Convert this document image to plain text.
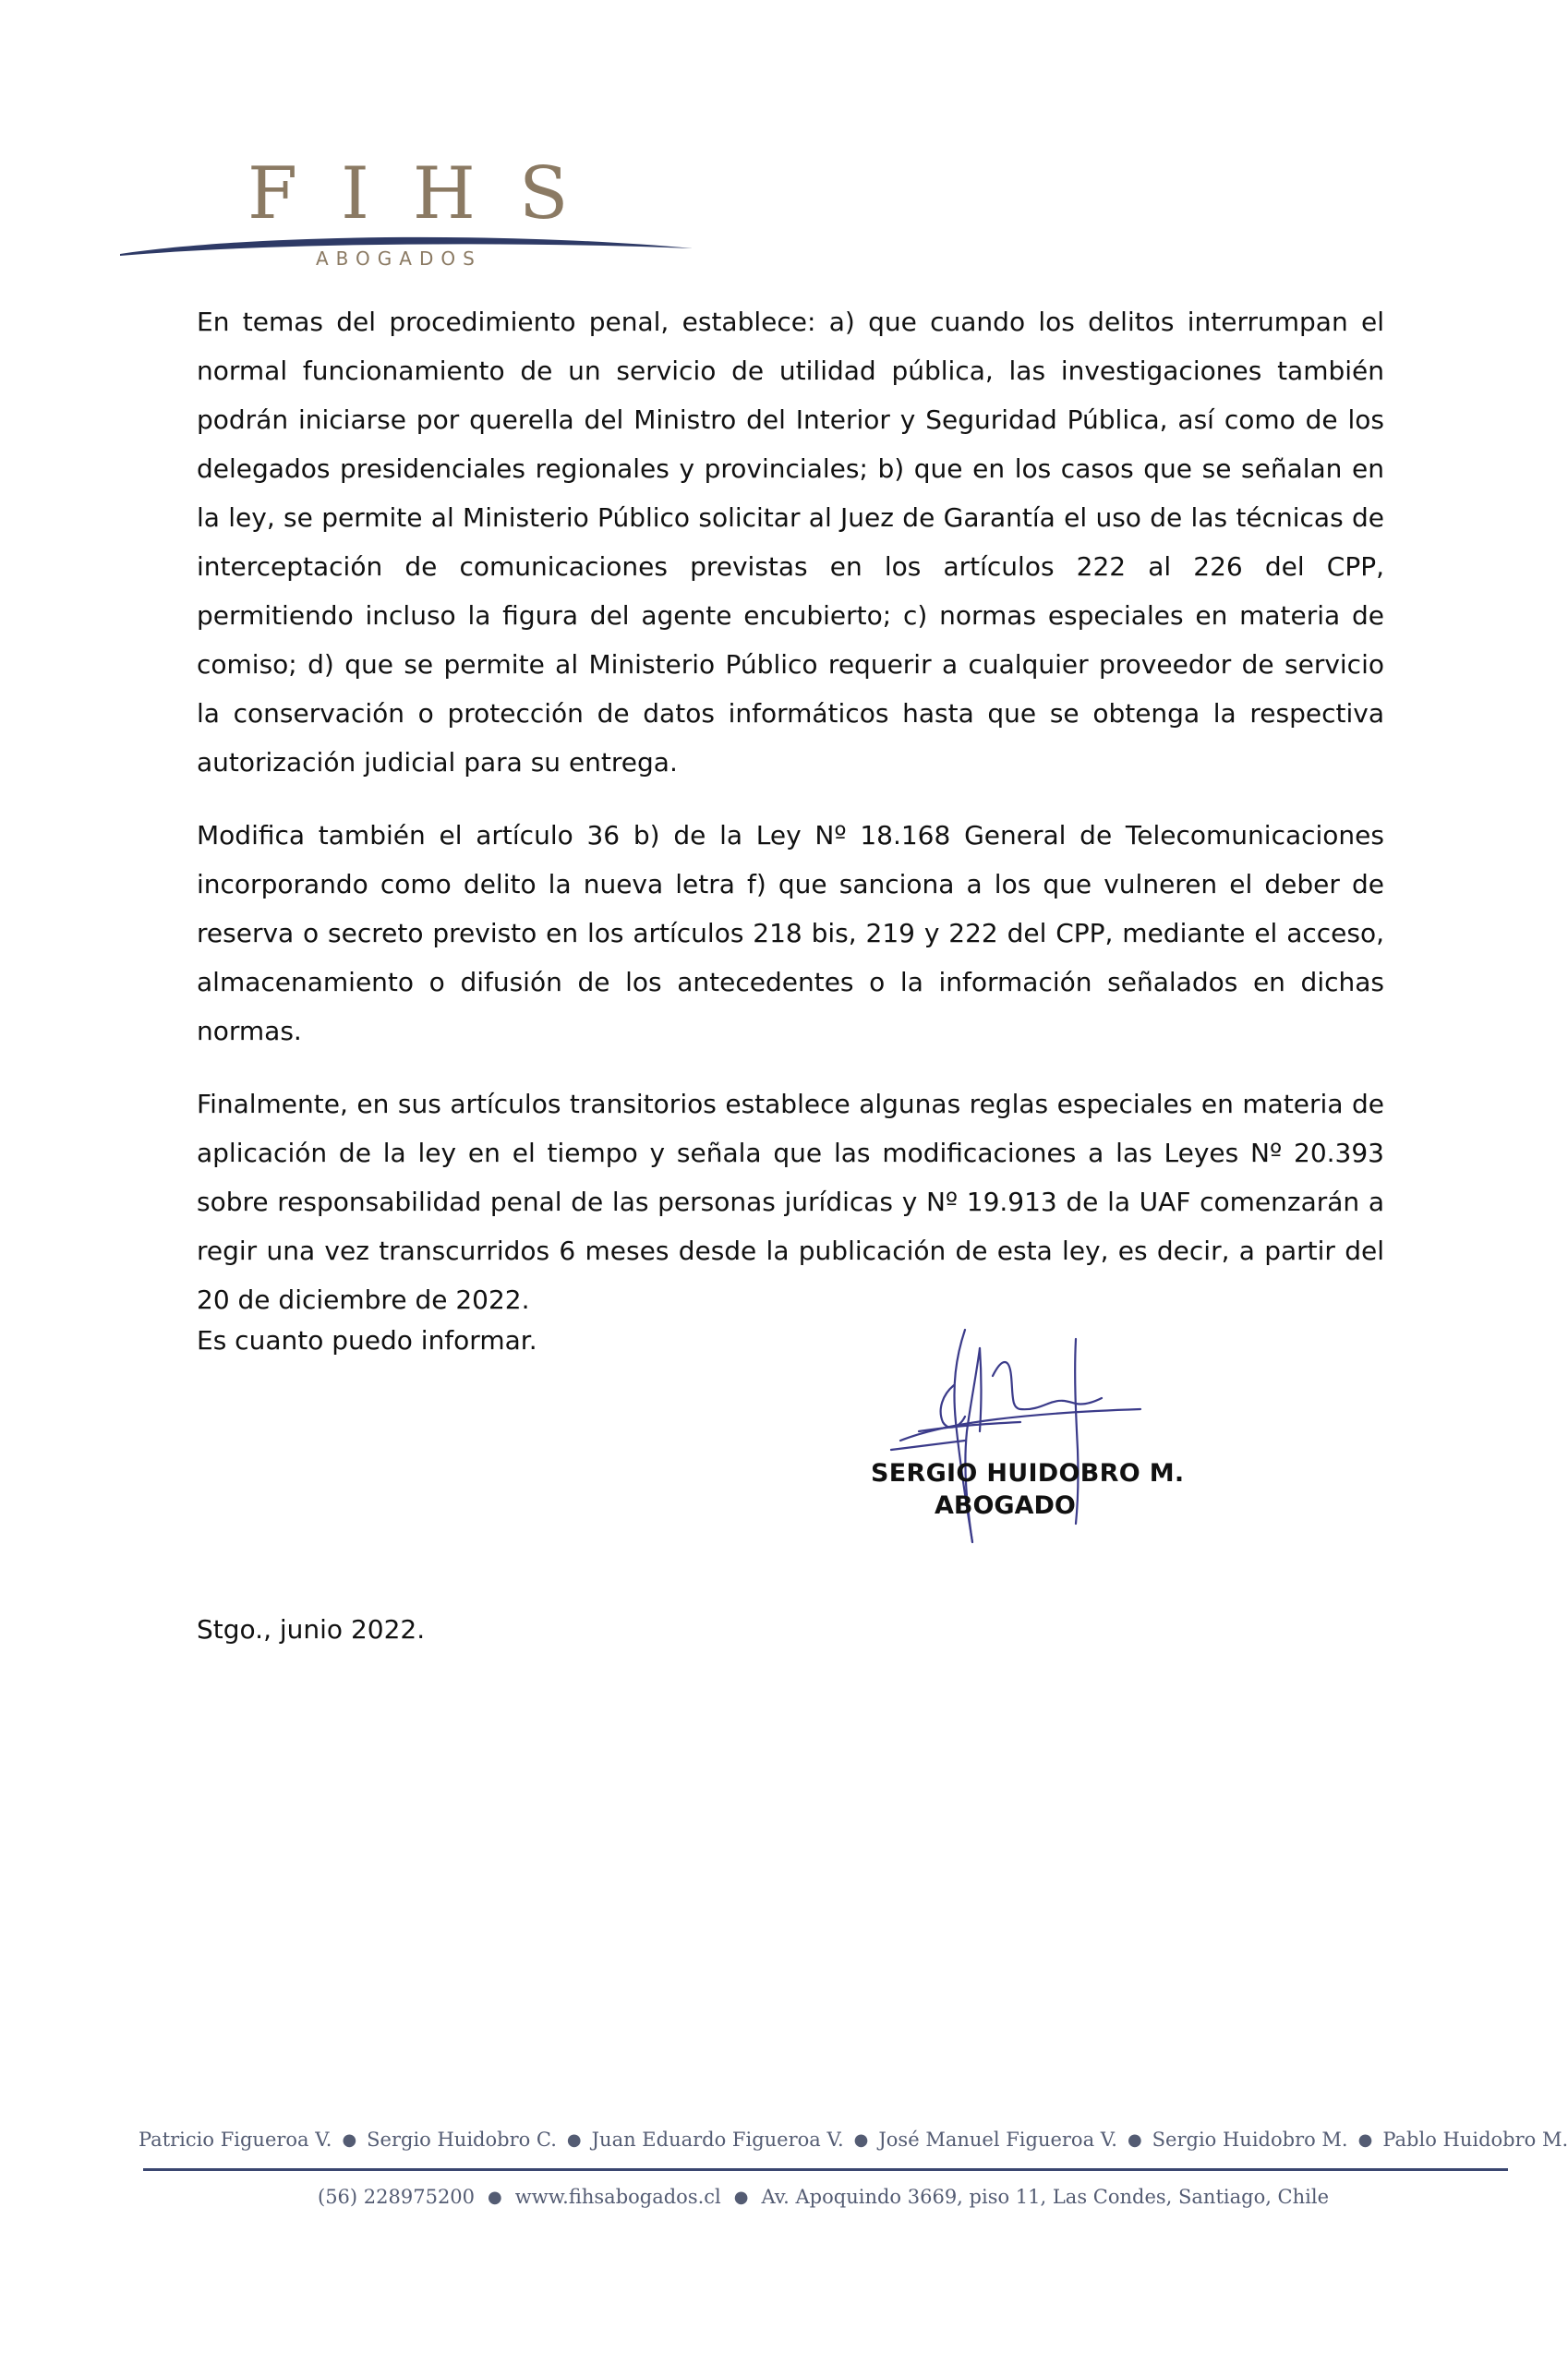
FIHS
ABOGADOS

En temas del procedimiento penal, establece: a) que cuando los delitos interrumpan el normal funcionamiento de un servicio de utilidad pública, las investigaciones también podrán iniciarse por querella del Ministro del Interior y Seguridad Pública, así como de los delegados presidenciales regionales y provinciales; b) que en los casos que se señalan en la ley, se permite al Ministerio Público solicitar al Juez de Garantía el uso de las técnicas de interceptación de comunicaciones previstas en los artículos 222 al 226 del CPP, permitiendo incluso la figura del agente encubierto; c) normas especiales en materia de comiso; d) que se permite al Ministerio Público requerir a cualquier proveedor de servicio la conservación o protección de datos informáticos hasta que se obtenga la respectiva autorización judicial para su entrega.

Modifica también el artículo 36 b) de la Ley Nº 18.168 General de Telecomunicaciones incorporando como delito la nueva letra f) que sanciona a los que vulneren el deber de reserva o secreto previsto en los artículos 218 bis, 219 y 222 del CPP, mediante el acceso, almacenamiento o difusión de los antecedentes o la información señalados en dichas normas.

Finalmente, en sus artículos transitorios establece algunas reglas especiales en materia de aplicación de la ley en el tiempo y señala que las modificaciones a las Leyes Nº 20.393 sobre responsabilidad penal de las personas jurídicas y Nº 19.913 de la UAF comenzarán a regir una vez transcurridos 6 meses desde la publicación de esta ley, es decir, a partir del 20 de diciembre de 2022.

Es cuanto puedo informar.
SERGIO HUIDOBRO M.
ABOGADO
Stgo., junio 2022.
Patricio Figueroa V. ● Sergio Huidobro C. ● Juan Eduardo Figueroa V. ● José Manuel Figueroa V. ● Sergio Huidobro M. ● Pablo Huidobro M.
(56) 228975200 ● www.fihsabogados.cl ● Av. Apoquindo 3669, piso 11, Las Condes, Santiago, Chile
